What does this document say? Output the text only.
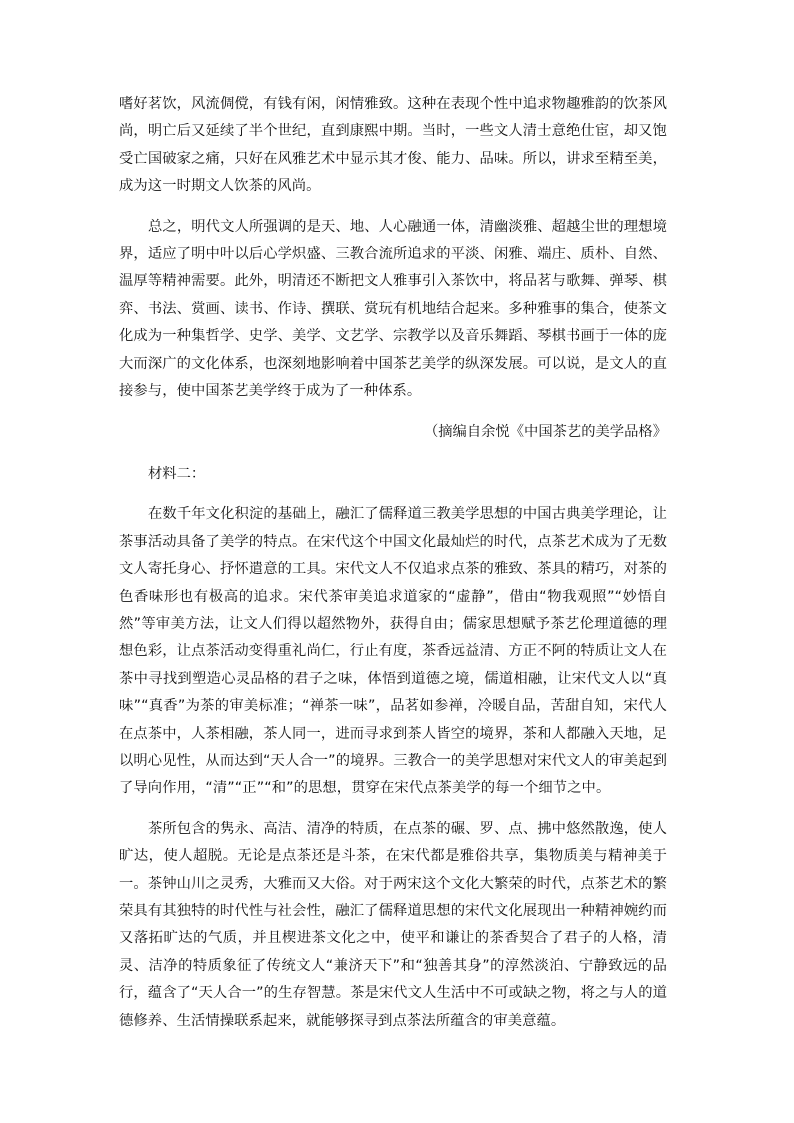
嗜好茗饮，风流倜傥，有钱有闲，闲情雅致。这种在表现个性中追求物趣雅韵的饮茶风尚，明亡后又延续了半个世纪，直到康熙中期。当时，一些文人清士意绝仕宦，却又饱受亡国破家之痛，只好在风雅艺术中显示其才俊、能力、品味。所以，讲求至精至美，成为这一时期文人饮茶的风尚。

总之，明代文人所强调的是天、地、人心融通一体，清幽淡雅、超越尘世的理想境界，适应了明中叶以后心学炽盛、三教合流所追求的平淡、闲雅、端庄、质朴、自然、温厚等精神需要。此外，明清还不断把文人雅事引入茶饮中，将品茗与歌舞、弹琴、棋弈、书法、赏画、读书、作诗、撰联、赏玩有机地结合起来。多种雅事的集合，使茶文化成为一种集哲学、史学、美学、文艺学、宗教学以及音乐舞蹈、琴棋书画于一体的庞大而深广的文化体系，也深刻地影响着中国茶艺美学的纵深发展。可以说，是文人的直接参与，使中国茶艺美学终于成为了一种体系。

（摘编自余悦《中国茶艺的美学品格》

材料二：

在数千年文化积淀的基础上，融汇了儒释道三教美学思想的中国古典美学理论，让茶事活动具备了美学的特点。在宋代这个中国文化最灿烂的时代，点茶艺术成为了无数文人寄托身心、抒怀遣意的工具。宋代文人不仅追求点茶的雅致、茶具的精巧，对茶的色香味形也有极高的追求。宋代茶审美追求道家的“虚静”，借由“物我观照”“妙悟自然”等审美方法，让文人们得以超然物外，获得自由；儒家思想赋予茶艺伦理道德的理想色彩，让点茶活动变得重礼尚仁，行止有度，茶香远益清、方正不阿的特质让文人在茶中寻找到塑造心灵品格的君子之味，体悟到道德之境，儒道相融，让宋代文人以“真味”“真香”为茶的审美标准；“禅茶一味”，品茗如参禅，冷暖自品，苦甜自知，宋代人在点茶中，人茶相融，茶人同一，进而寻求到茶人皆空的境界，茶和人都融入天地，足以明心见性，从而达到“天人合一”的境界。三教合一的美学思想对宋代文人的审美起到了导向作用，“清”“正”“和”的思想，贯穿在宋代点茶美学的每一个细节之中。

茶所包含的隽永、高洁、清净的特质，在点茶的碾、罗、点、拂中悠然散逸，使人旷达，使人超脱。无论是点茶还是斗茶，在宋代都是雅俗共享，集物质美与精神美于一。茶钟山川之灵秀，大雅而又大俗。对于两宋这个文化大繁荣的时代，点茶艺术的繁荣具有其独特的时代性与社会性，融汇了儒释道思想的宋代文化展现出一种精神婉约而又落拓旷达的气质，并且楔进茶文化之中，使平和谦让的茶香契合了君子的人格，清灵、洁净的特质象征了传统文人“兼济天下”和“独善其身”的淳然淡泊、宁静致远的品行，蕴含了“天人合一”的生存智慧。茶是宋代文人生活中不可或缺之物，将之与人的道德修养、生活情操联系起来，就能够探寻到点茶法所蕴含的审美意蕴。
